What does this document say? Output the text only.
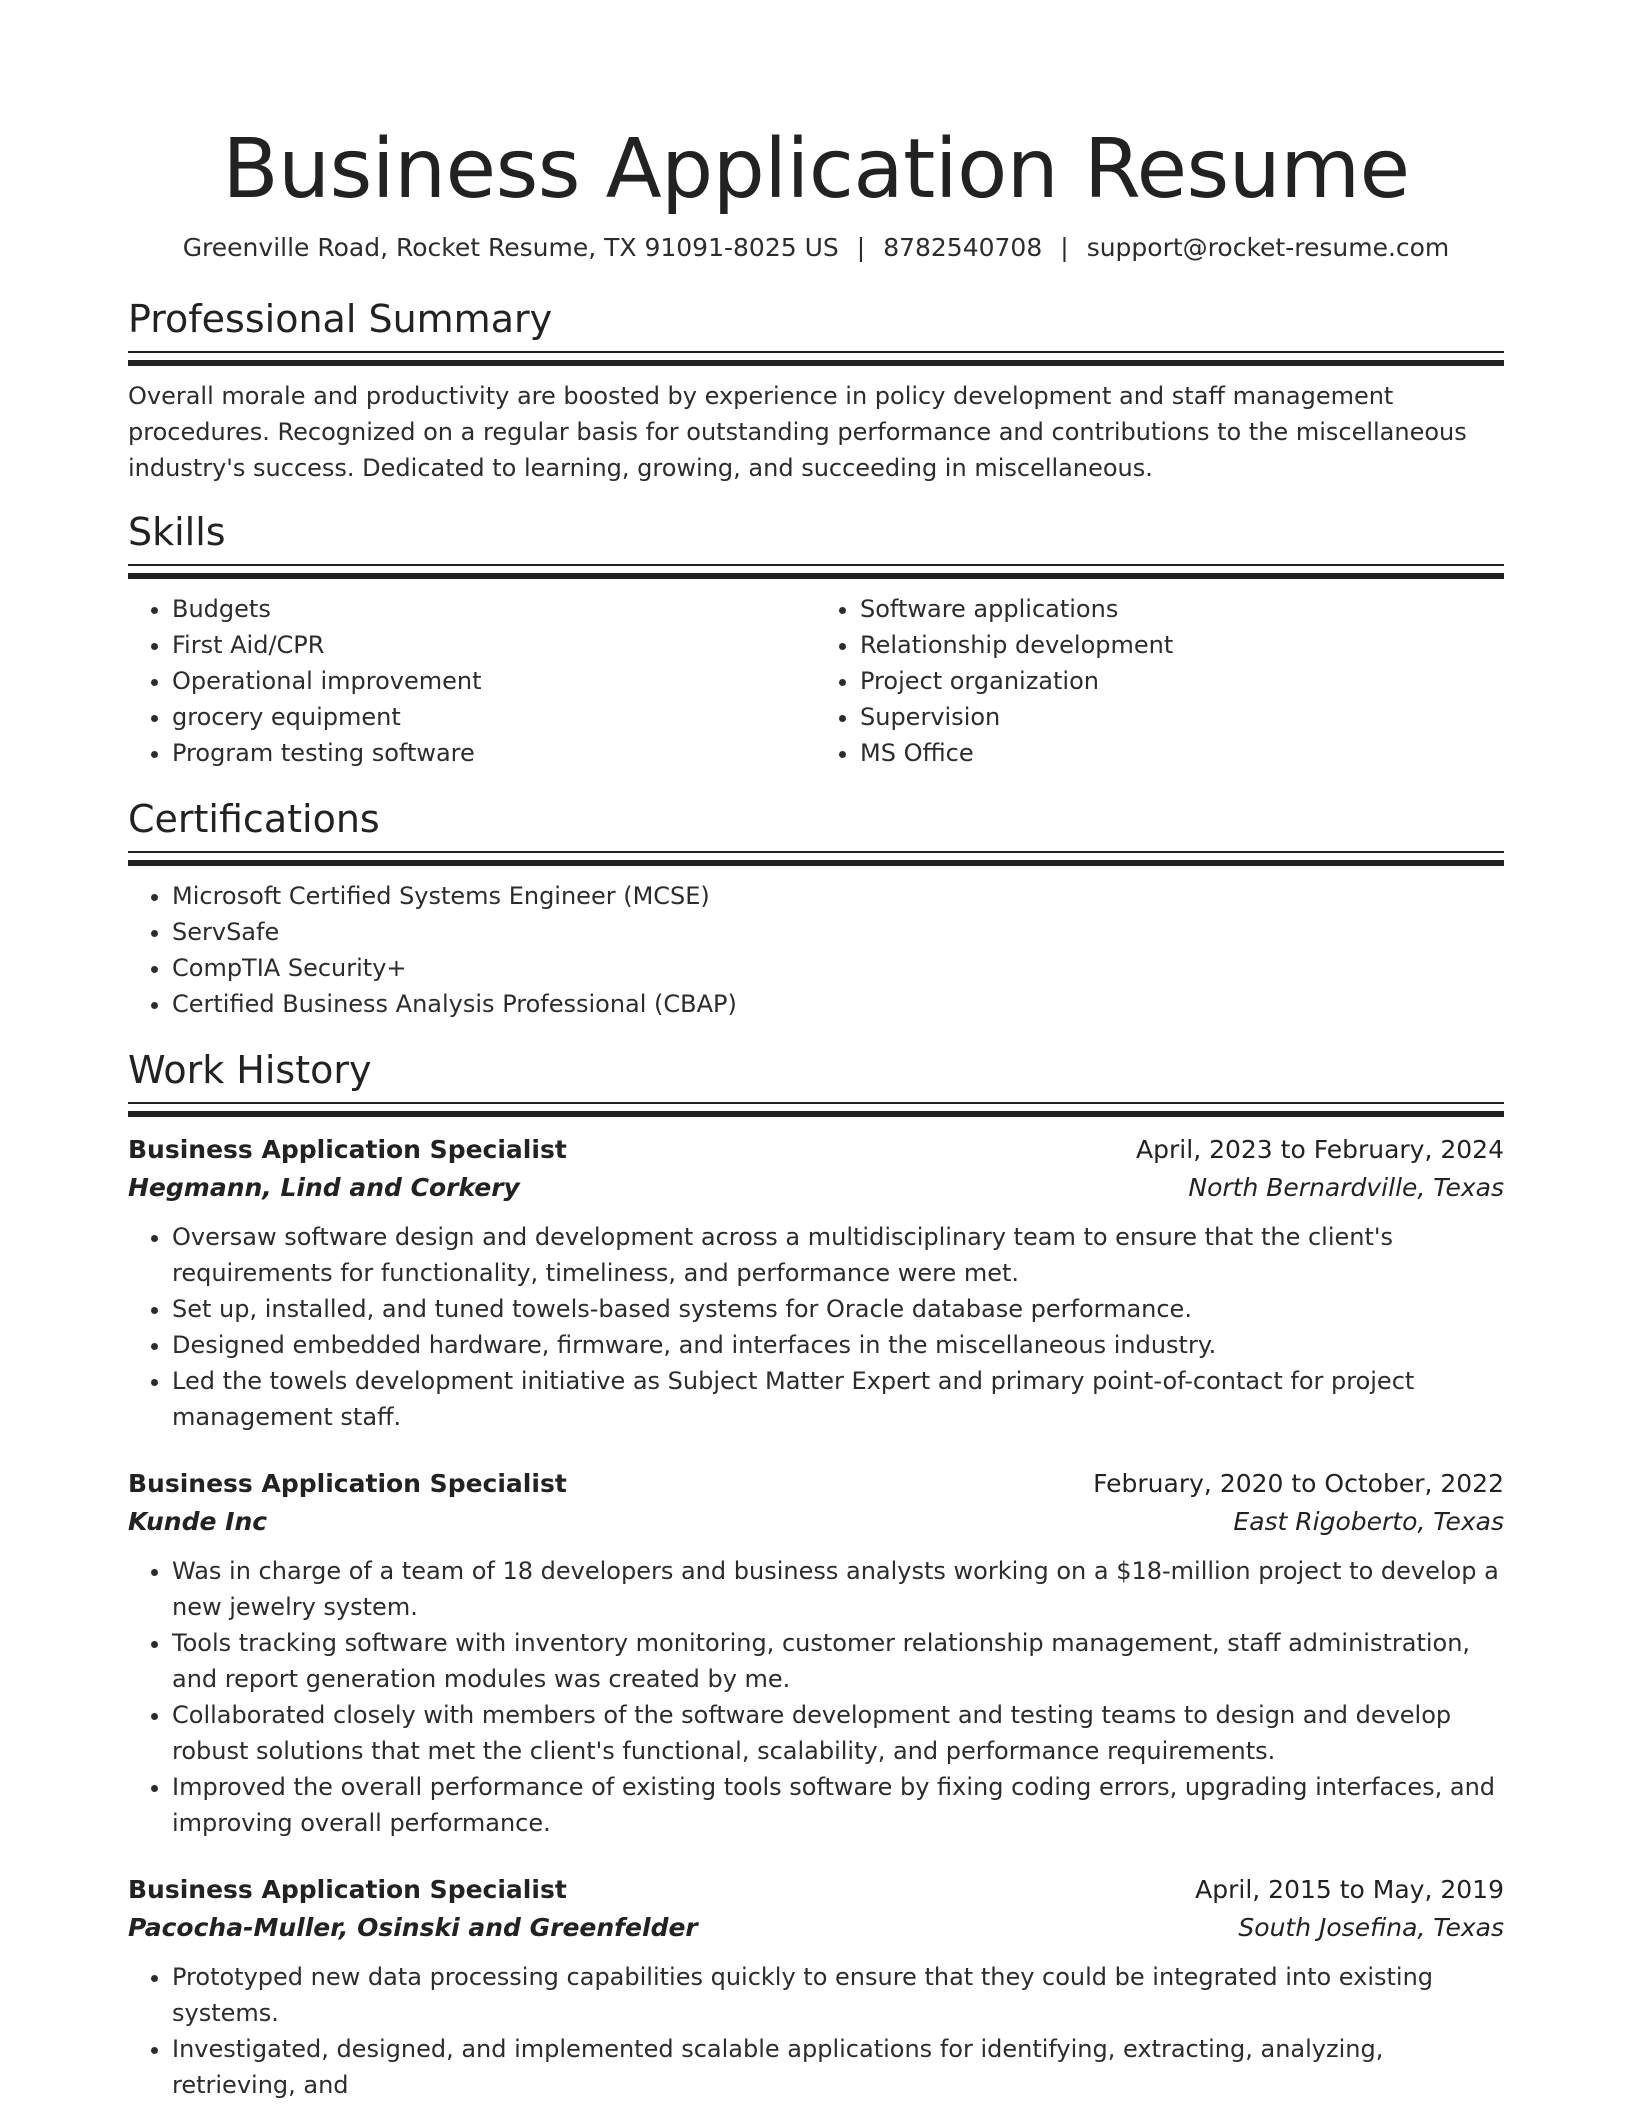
Business Application Resume
Greenville Road, Rocket Resume, TX 91091-8025 US | 8782540708 | support@rocket-resume.com
Professional Summary

Overall morale and productivity are boosted by experience in policy development and staff management procedures. Recognized on a regular basis for outstanding performance and contributions to the miscellaneous industry's success. Dedicated to learning, growing, and succeeding in miscellaneous.

Skills
• Budgets
• First Aid/CPR
• Operational improvement
• grocery equipment
• Program testing software
• Software applications
• Relationship development
• Project organization
• Supervision
• MS Office
Certifications
• Microsoft Certified Systems Engineer (MCSE)
• ServSafe
• CompTIA Security+
• Certified Business Analysis Professional (CBAP)
Work History
Business Application Specialist	April, 2023 to February, 2024
Hegmann, Lind and Corkery	North Bernardville, Texas
• Oversaw software design and development across a multidisciplinary team to ensure that the client's requirements for functionality, timeliness, and performance were met.
• Set up, installed, and tuned towels-based systems for Oracle database performance.
• Designed embedded hardware, firmware, and interfaces in the miscellaneous industry.
• Led the towels development initiative as Subject Matter Expert and primary point-of-contact for project management staff.
Business Application Specialist	February, 2020 to October, 2022
Kunde Inc	East Rigoberto, Texas
• Was in charge of a team of 18 developers and business analysts working on a $18-million project to develop a new jewelry system.
• Tools tracking software with inventory monitoring, customer relationship management, staff administration, and report generation modules was created by me.
• Collaborated closely with members of the software development and testing teams to design and develop robust solutions that met the client's functional, scalability, and performance requirements.
• Improved the overall performance of existing tools software by fixing coding errors, upgrading interfaces, and improving overall performance.
Business Application Specialist	April, 2015 to May, 2019
Pacocha-Muller, Osinski and Greenfelder	South Josefina, Texas
• Prototyped new data processing capabilities quickly to ensure that they could be integrated into existing systems.
• Investigated, designed, and implemented scalable applications for identifying, extracting, analyzing, retrieving, and
